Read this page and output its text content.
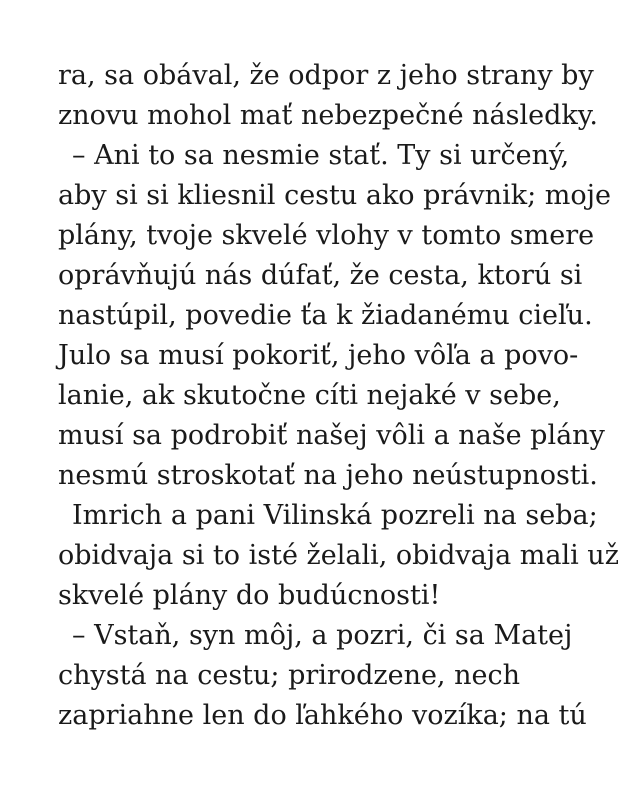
ra, sa obával, že odpor z jeho strany by
znovu mohol mať nebezpečné následky.
– Ani to sa nesmie stať. Ty si určený,
aby si si kliesnil cestu ako právnik; moje
plány, tvoje skvelé vlohy v tomto smere
oprávňujú nás dúfať, že cesta, ktorú si
nastúpil, povedie ťa k žiadanému cieľu.
Julo sa musí pokoriť, jeho vôľa a povo-
lanie, ak skutočne cíti nejaké v sebe,
musí sa podrobiť našej vôli a naše plány
nesmú stroskotať na jeho neústupnosti.
Imrich a pani Vilinská pozreli na seba;
obidvaja si to isté želali, obidvaja mali už
skvelé plány do budúcnosti!
– Vstaň, syn môj, a pozri, či sa Matej
chystá na cestu; prirodzene, nech
zapriahne len do ľahkého vozíka; na tú
